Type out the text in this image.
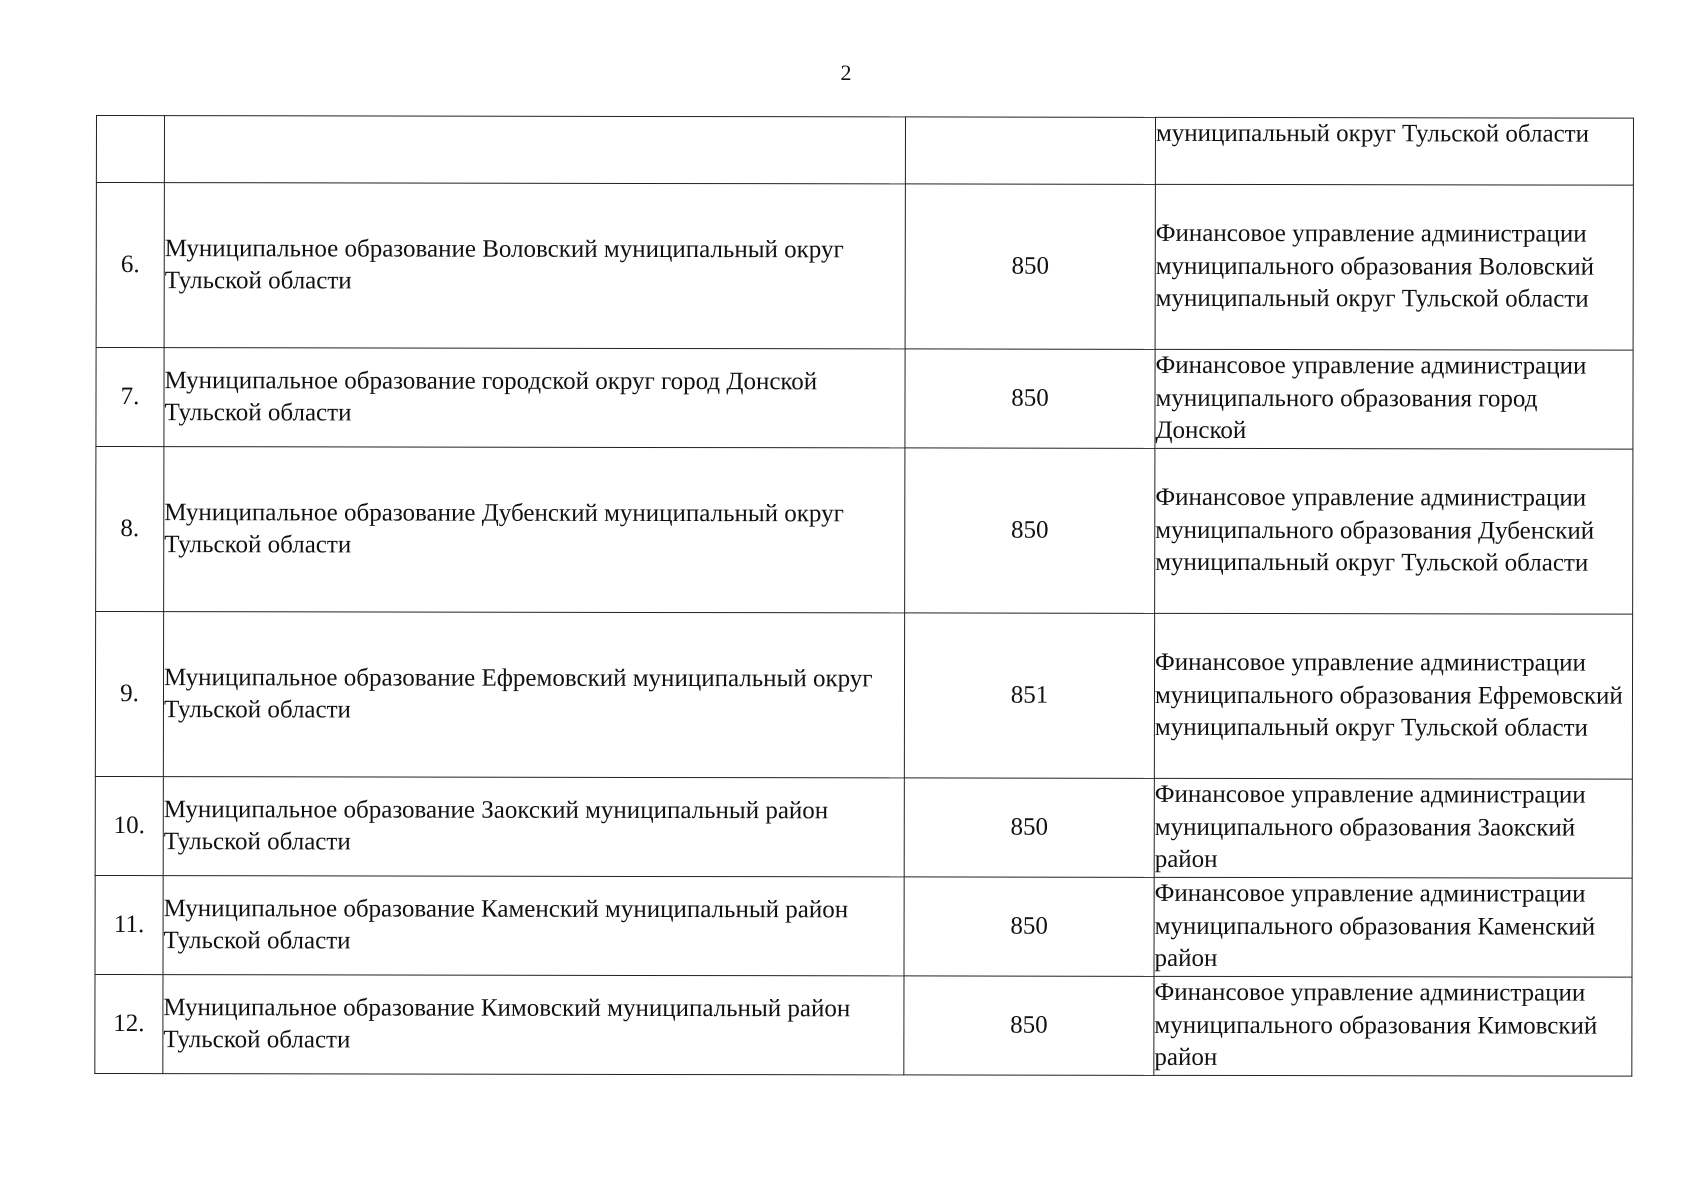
2
			муниципальный округ Тульской области
6.	Муниципальное образование Воловский муниципальный округ Тульской области	850	Финансовое управление администрации муниципального образования Воловский муниципальный округ Тульской области
7.	Муниципальное образование городской округ город Донской Тульской области	850	Финансовое управление администрации муниципального образования город Донской
8.	Муниципальное образование Дубенский муниципальный округ Тульской области	850	Финансовое управление администрации муниципального образования Дубенский муниципальный округ Тульской области
9.	Муниципальное образование Ефремовский муниципальный округ Тульской области	851	Финансовое управление администрации муниципального образования Ефремовский муниципальный округ Тульской области
10.	Муниципальное образование Заокский муниципальный район Тульской области	850	Финансовое управление администрации муниципального образования Заокский район
11.	Муниципальное образование Каменский муниципальный район Тульской области	850	Финансовое управление администрации муниципального образования Каменский район
12.	Муниципальное образование Кимовский муниципальный район Тульской области	850	Финансовое управление администрации муниципального образования Кимовский район
